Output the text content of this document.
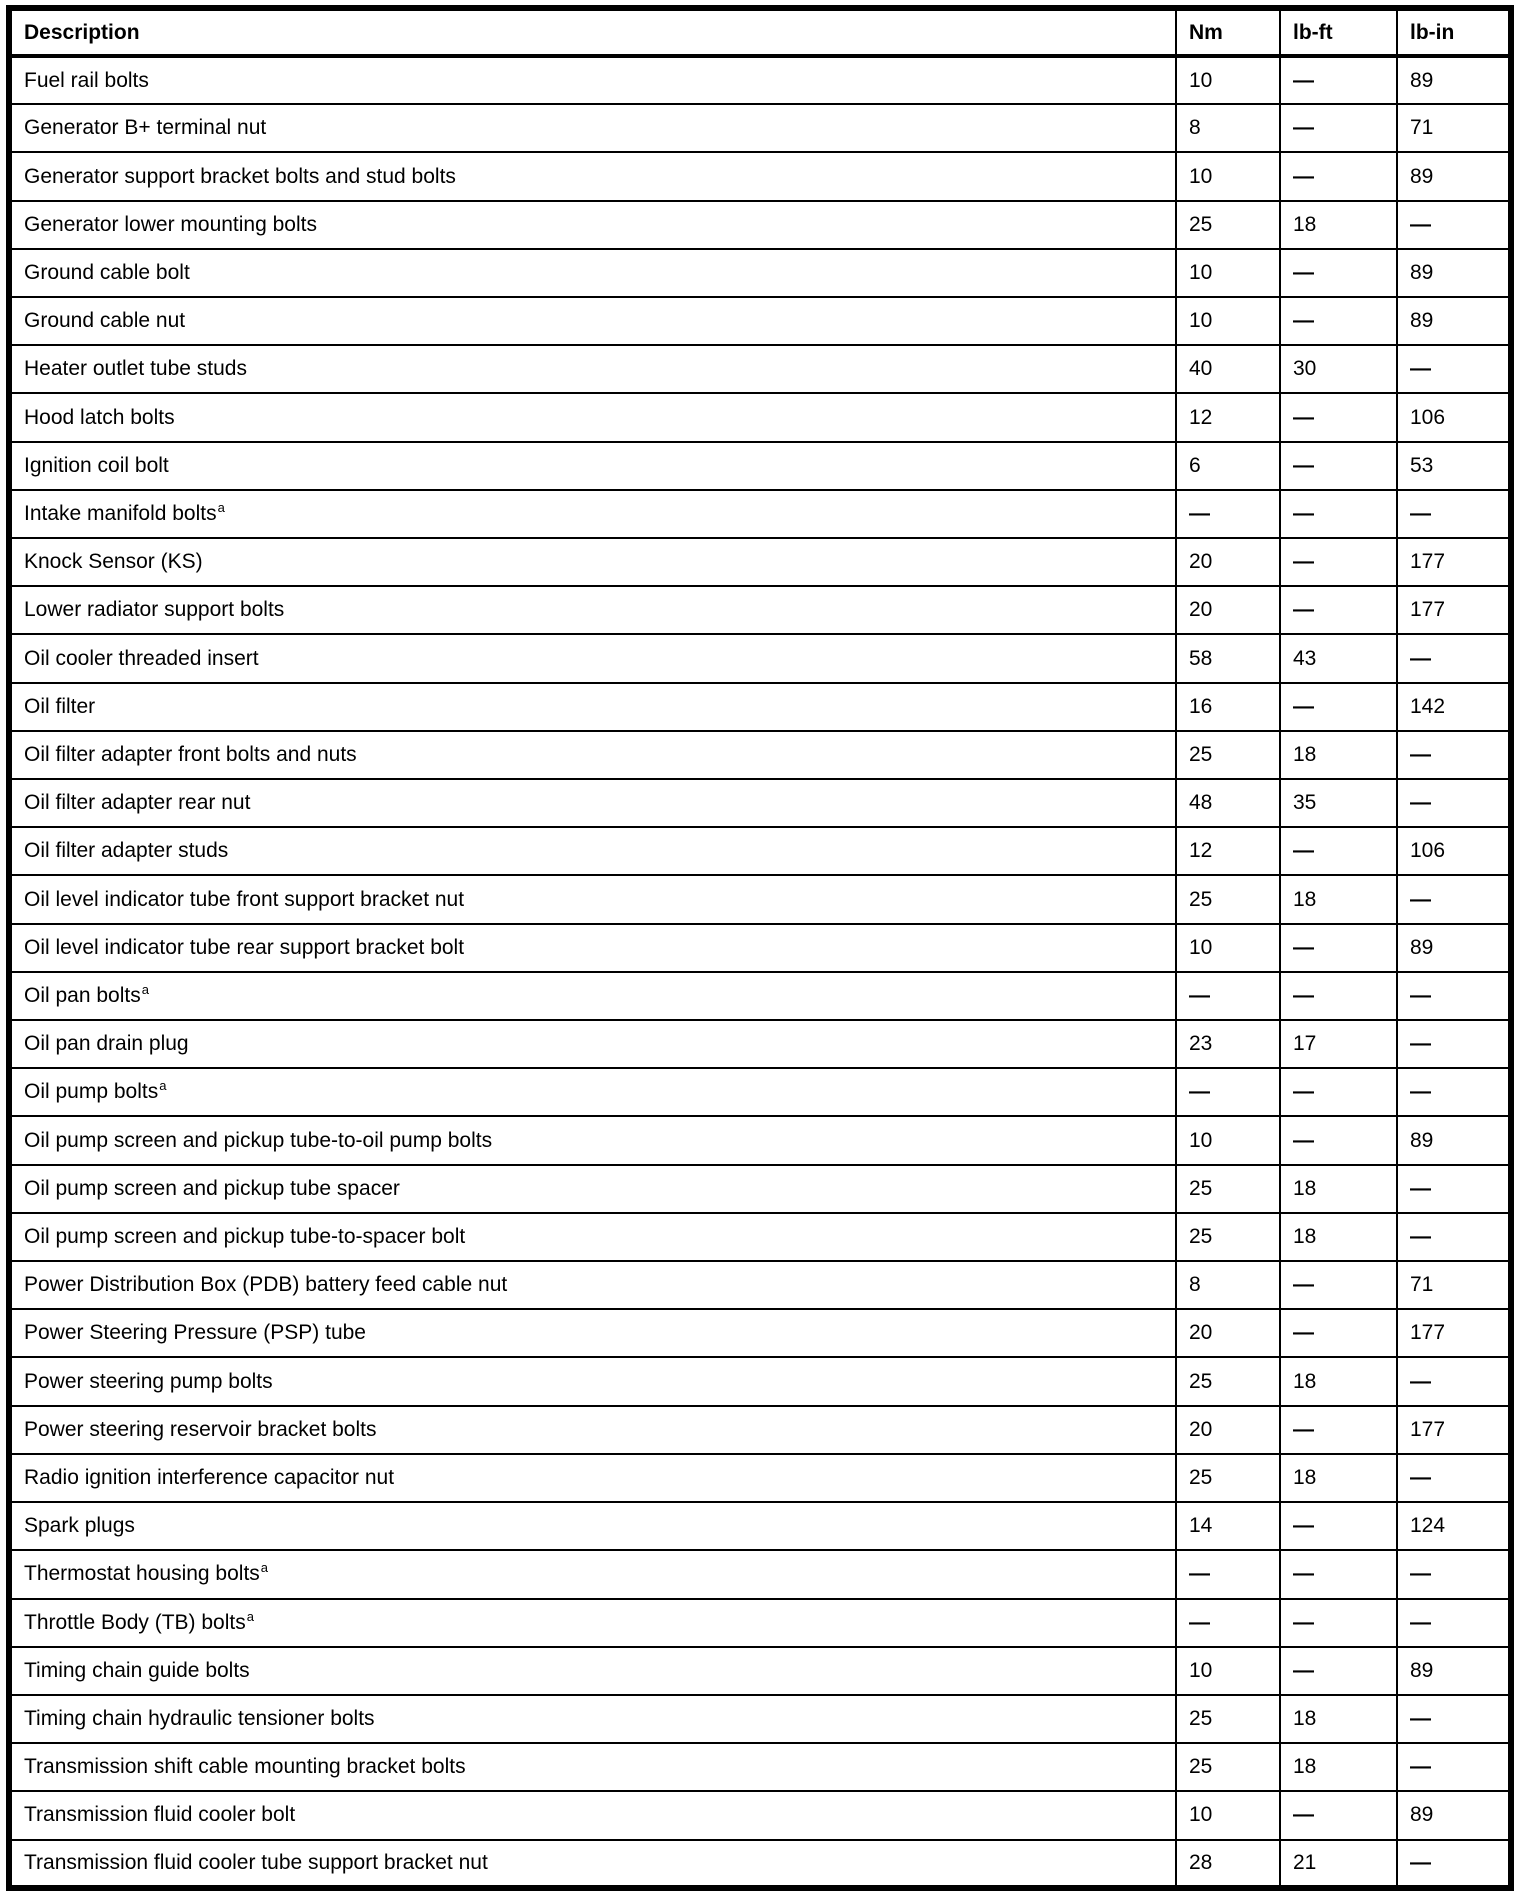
Description	Nm	lb-ft	lb-in
Fuel rail bolts	10	—	89
Generator B+ terminal nut	8	—	71
Generator support bracket bolts and stud bolts	10	—	89
Generator lower mounting bolts	25	18	—
Ground cable bolt	10	—	89
Ground cable nut	10	—	89
Heater outlet tube studs	40	30	—
Hood latch bolts	12	—	106
Ignition coil bolt	6	—	53
Intake manifold bolts$^a$	—	—	—
Knock Sensor (KS)	20	—	177
Lower radiator support bolts	20	—	177
Oil cooler threaded insert	58	43	—
Oil filter	16	—	142
Oil filter adapter front bolts and nuts	25	18	—
Oil filter adapter rear nut	48	35	—
Oil filter adapter studs	12	—	106
Oil level indicator tube front support bracket nut	25	18	—
Oil level indicator tube rear support bracket bolt	10	—	89
Oil pan bolts$^a$	—	—	—
Oil pan drain plug	23	17	—
Oil pump bolts$^a$	—	—	—
Oil pump screen and pickup tube-to-oil pump bolts	10	—	89
Oil pump screen and pickup tube spacer	25	18	—
Oil pump screen and pickup tube-to-spacer bolt	25	18	—
Power Distribution Box (PDB) battery feed cable nut	8	—	71
Power Steering Pressure (PSP) tube	20	—	177
Power steering pump bolts	25	18	—
Power steering reservoir bracket bolts	20	—	177
Radio ignition interference capacitor nut	25	18	—
Spark plugs	14	—	124
Thermostat housing bolts$^a$	—	—	—
Throttle Body (TB) bolts$^a$	—	—	—
Timing chain guide bolts	10	—	89
Timing chain hydraulic tensioner bolts	25	18	—
Transmission shift cable mounting bracket bolts	25	18	—
Transmission fluid cooler bolt	10	—	89
Transmission fluid cooler tube support bracket nut	28	21	—
